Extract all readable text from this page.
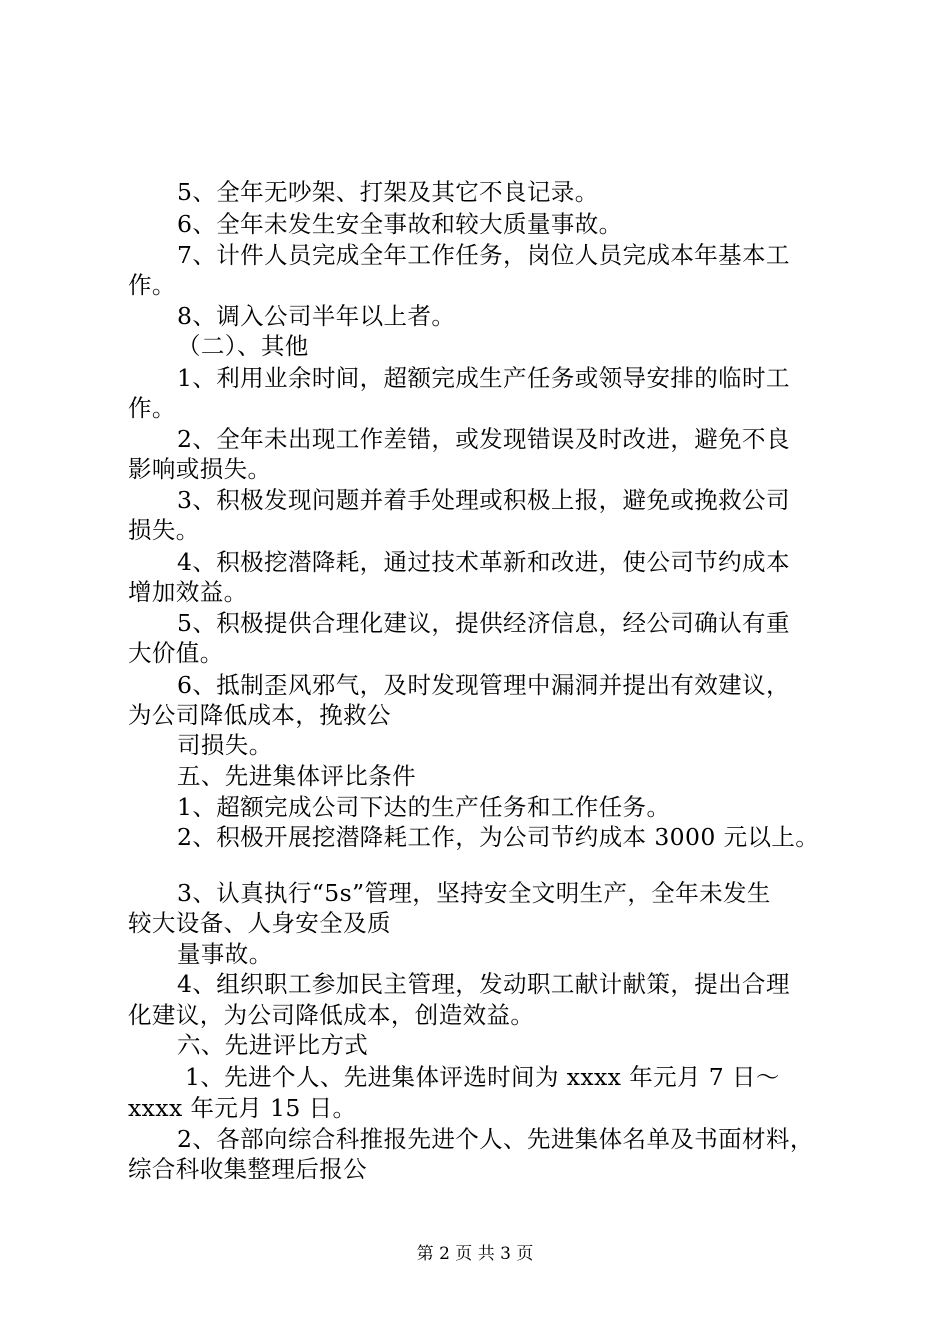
5、全年无吵架、打架及其它不良记录。
6、全年未发生安全事故和较大质量事故。
7、计件人员完成全年工作任务，岗位人员完成本年基本工
作。
8、调入公司半年以上者。
（二）、其他
1、利用业余时间，超额完成生产任务或领导安排的临时工
作。
2、全年未出现工作差错，或发现错误及时改进，避免不良
影响或损失。
3、积极发现问题并着手处理或积极上报，避免或挽救公司
损失。
4、积极挖潜降耗，通过技术革新和改进，使公司节约成本
增加效益。
5、积极提供合理化建议，提供经济信息，经公司确认有重
大价值。
6、抵制歪风邪气，及时发现管理中漏洞并提出有效建议，
为公司降低成本，挽救公
司损失。
五、先进集体评比条件
1、超额完成公司下达的生产任务和工作任务。
2、积极开展挖潜降耗工作，为公司节约成本 3000 元以上。
3、认真执行“5s”管理，坚持安全文明生产，全年未发生
较大设备、人身安全及质
量事故。
4、组织职工参加民主管理，发动职工献计献策，提出合理
化建议，为公司降低成本，创造效益。
六、先进评比方式
1、先进个人、先进集体评选时间为 xxxx 年元月 7 日～
xxxx 年元月 15 日。
2、各部向综合科推报先进个人、先进集体名单及书面材料，
综合科收集整理后报公
第 2 页 共 3 页
